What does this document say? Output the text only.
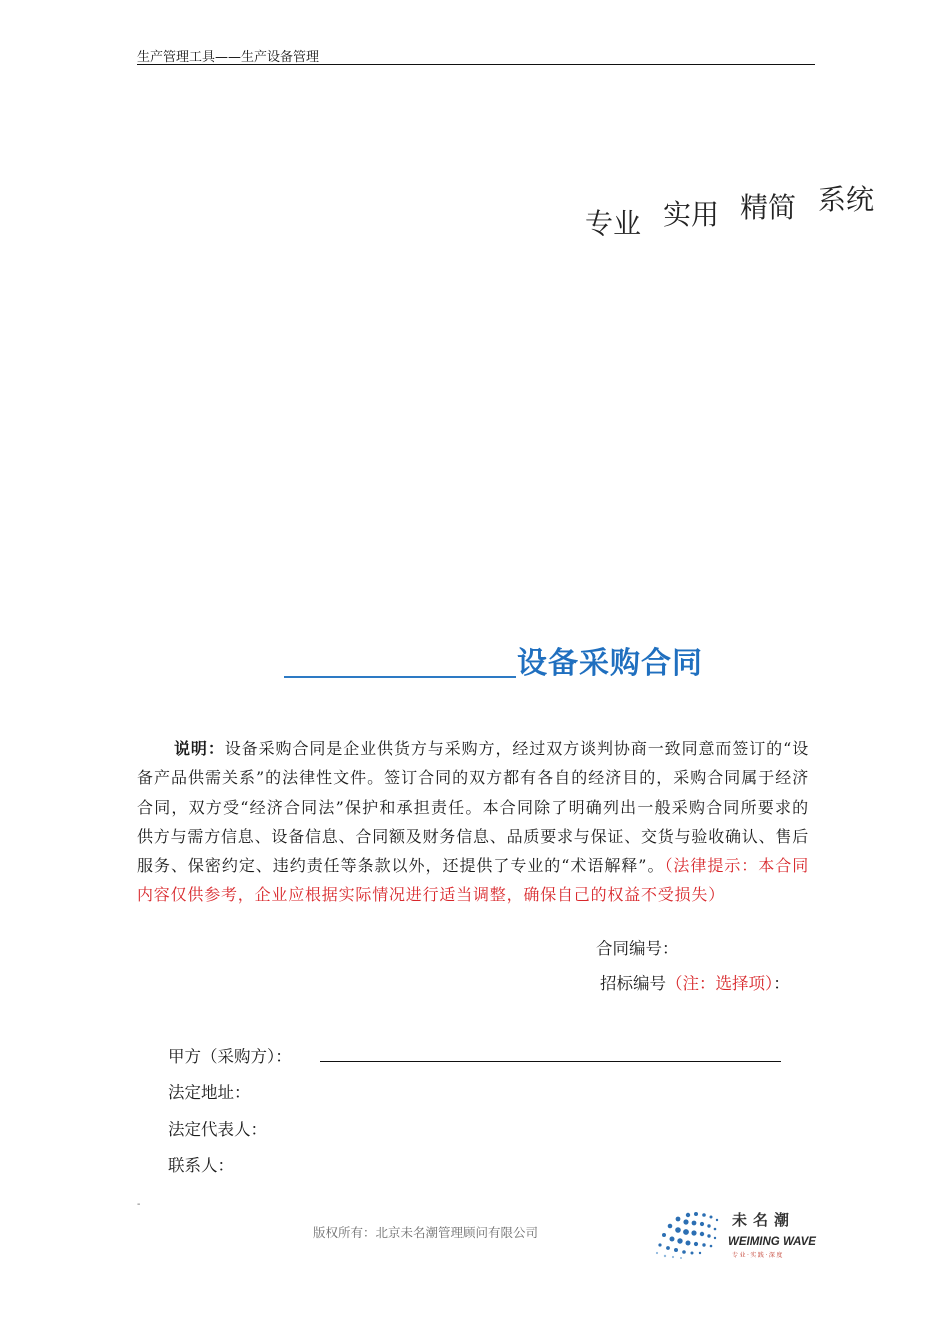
生产管理工具——生产设备管理
专业 实用 精简 系统
设备采购合同
说明：设备采购合同是企业供货方与采购方，经过双方谈判协商一致同意而签订的“设备产品供需关系”的法律性文件。签订合同的双方都有各自的经济目的，采购合同属于经济合同，双方受“经济合同法”保护和承担责任。本合同除了明确列出一般采购合同所要求的供方与需方信息、设备信息、合同额及财务信息、品质要求与保证、交货与验收确认、售后服务、保密约定、违约责任等条款以外，还提供了专业的“术语解释”。（法律提示：本合同内容仅供参考，企业应根据实际情况进行适当调整，确保自己的权益不受损失）
合同编号：
招标编号（注：选择项）：
甲方（采购方）：
法定地址：
法定代表人：
联系人：
-
版权所有：北京未名潮管理顾问有限公司
未名潮
WEIMING WAVE
专业·实践·深度
